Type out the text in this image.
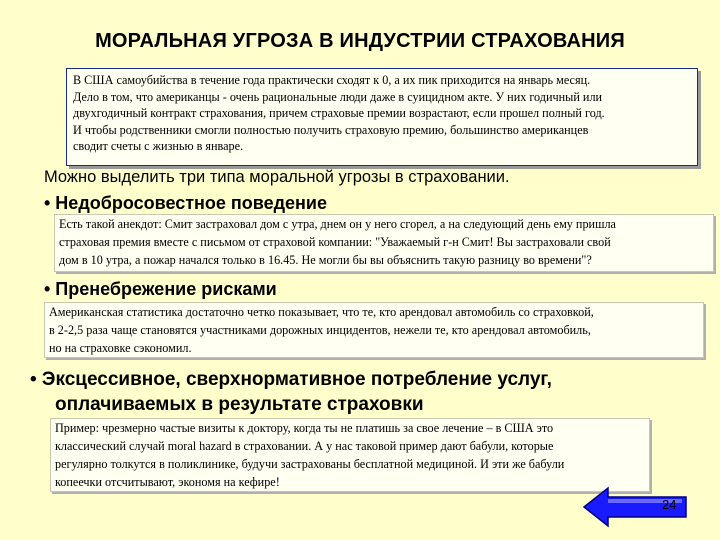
МОРАЛЬНАЯ УГРОЗА В ИНДУСТРИИ СТРАХОВАНИЯ

В США самоубийства в течение года практически сходят к 0, а их пик приходится на январь месяц.

Дело в том, что американцы - очень рациональные люди даже в суицидном акте. У них годичный или

двухгодичный контракт страхования, причем страховые премии возрастают, если прошел полный год.

И чтобы родственники смогли полностью получить страховую премию, большинство американцев

сводит счеты с жизнью в январе.

Можно выделить три типа моральной угрозы в страховании.
• Недобросовестное поведение
Есть такой анекдот: Смит застраховал дом с утра, днем он у него сгорел, а на следующий день ему пришла
страховая премия вместе с письмом от страховой компании: "Уважаемый г-н Смит! Вы застраховали свой
дом в 10 утра, а пожар начался только в 16.45. Не могли бы вы объяснить такую разницу во времени"?
• Пренебрежение рисками
Американская статистика достаточно четко показывает, что те, кто арендовал автомобиль со страховкой,
в 2-2,5 раза чаще становятся участниками дорожных инцидентов, нежели те, кто арендовал автомобиль,
но на страховке сэкономил.
• Эксцессивное, сверхнормативное потребление услуг,
оплачиваемых в результате страховки
Пример: чрезмерно частые визиты к доктору, когда ты не платишь за свое лечение – в США это
классический случай moral hazard в страховании. А у нас таковой пример дают бабули, которые
регулярно толкутся в поликлинике, будучи застрахованы бесплатной медициной. И эти же бабули
копеечки отсчитывают, экономя на кефире!
24
